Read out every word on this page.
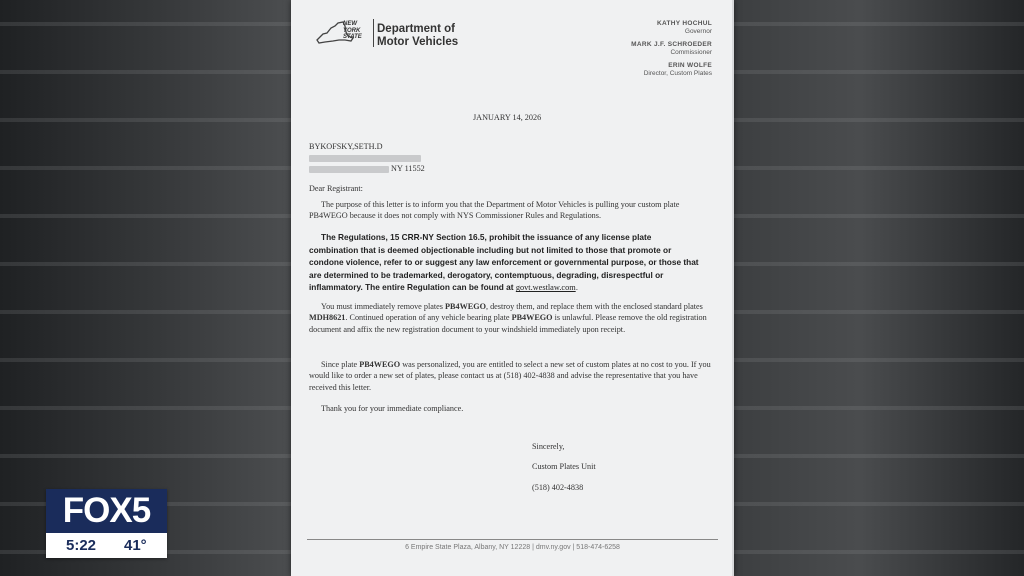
NEW
YORK
STATE
Department of
Motor Vehicles
KATHY HOCHUL
Governor
MARK J.F. SCHROEDER
Commissioner
ERIN WOLFE
Director, Custom Plates
JANUARY 14, 2026
BYKOFSKY,SETH.D
NY 11552
Dear Registrant:
The purpose of this letter is to inform you that the Department of Motor Vehicles is pulling your custom plate PB4WEGO because it does not comply with NYS Commissioner Rules and Regulations.
The Regulations, 15 CRR-NY Section 16.5, prohibit the issuance of any license plate
combination that is deemed objectionable including but not limited to those that promote or
condone violence, refer to or suggest any law enforcement or governmental purpose, or those that
are determined to be trademarked, derogatory, contemptuous, degrading, disrespectful or
inflammatory. The entire Regulation can be found at govt.westlaw.com.
You must immediately remove plates PB4WEGO, destroy them, and replace them with the enclosed standard plates MDH8621. Continued operation of any vehicle bearing plate PB4WEGO is unlawful. Please remove the old registration document and affix the new registration document to your windshield immediately upon receipt.
Since plate PB4WEGO was personalized, you are entitled to select a new set of custom plates at no cost to you. If you would like to order a new set of plates, please contact us at (518) 402-4838 and advise the representative that you have received this letter.
Thank you for your immediate compliance.
Sincerely,
Custom Plates Unit
(518) 402-4838
6 Empire State Plaza, Albany, NY 12228 | dmv.ny.gov | 518-474-6258
FOX5
5:22 41°
